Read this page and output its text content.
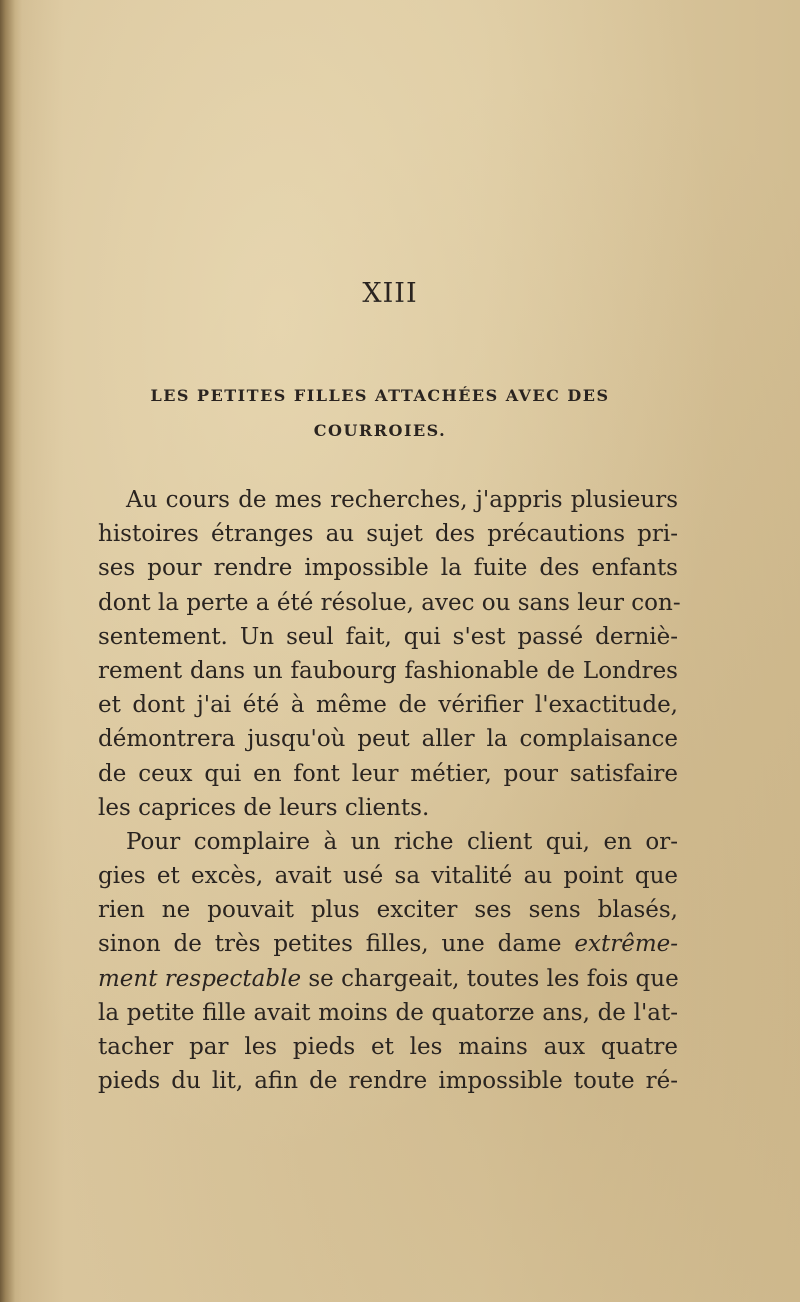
XIII
LES PETITES FILLES ATTACHÉES AVEC DES
COURROIES.
Au cours de mes recherches, j'appris plusieurs
histoires étranges au sujet des précautions pri-
ses pour rendre impossible la fuite des enfants
dont la perte a été résolue, avec ou sans leur con-
sentement. Un seul fait, qui s'est passé derniè-
rement dans un faubourg fashionable de Londres
et dont j'ai été à même de vérifier l'exactitude,
démontrera jusqu'où peut aller la complaisance
de ceux qui en font leur métier, pour satisfaire
les caprices de leurs clients.
Pour complaire à un riche client qui, en or-
gies et excès, avait usé sa vitalité au point que
rien ne pouvait plus exciter ses sens blasés,
sinon de très petites filles, une dame extrême-
ment respectable se chargeait, toutes les fois que
la petite fille avait moins de quatorze ans, de l'at-
tacher par les pieds et les mains aux quatre
pieds du lit, afin de rendre impossible toute ré-
